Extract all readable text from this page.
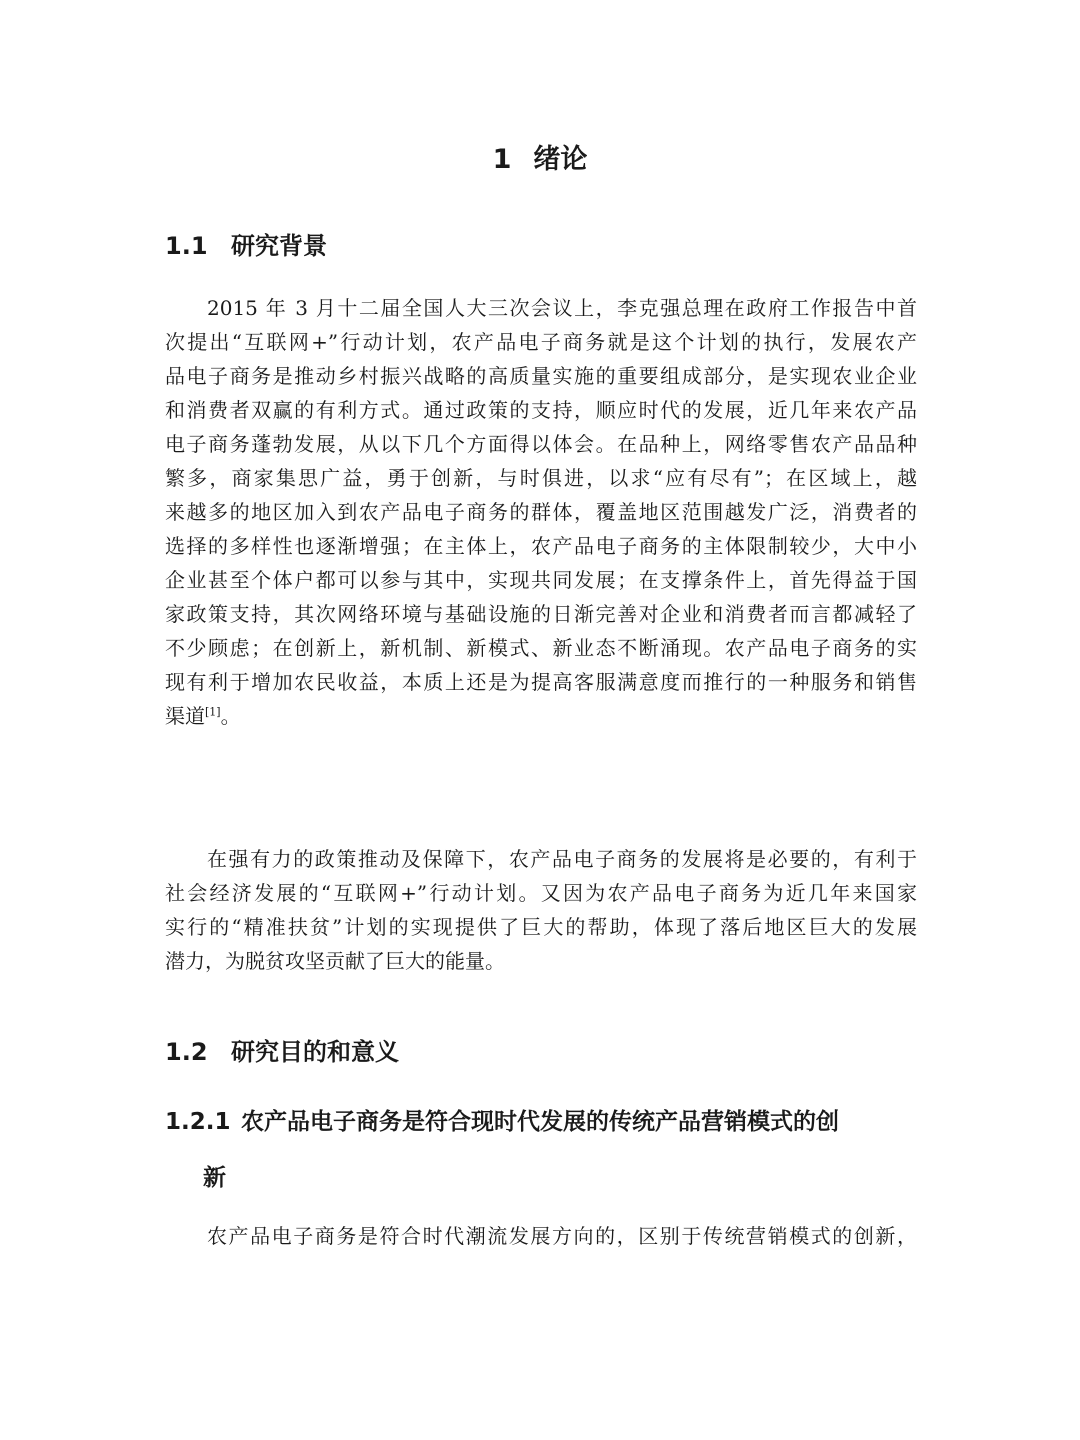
1 绪论
1.1 研究背景
2015 年 3 月十二届全国人大三次会议上，李克强总理在政府工作报告中首
次提出“互联网+”行动计划，农产品电子商务就是这个计划的执行，发展农产
品电子商务是推动乡村振兴战略的高质量实施的重要组成部分，是实现农业企业
和消费者双赢的有利方式。通过政策的支持，顺应时代的发展，近几年来农产品
电子商务蓬勃发展，从以下几个方面得以体会。在品种上，网络零售农产品品种
繁多，商家集思广益，勇于创新，与时俱进，以求“应有尽有”；在区域上，越
来越多的地区加入到农产品电子商务的群体，覆盖地区范围越发广泛，消费者的
选择的多样性也逐渐增强；在主体上，农产品电子商务的主体限制较少，大中小
企业甚至个体户都可以参与其中，实现共同发展；在支撑条件上，首先得益于国
家政策支持，其次网络环境与基础设施的日渐完善对企业和消费者而言都减轻了
不少顾虑；在创新上，新机制、新模式、新业态不断涌现。农产品电子商务的实
现有利于增加农民收益，本质上还是为提高客服满意度而推行的一种服务和销售
渠道[1]。
在强有力的政策推动及保障下，农产品电子商务的发展将是必要的，有利于
社会经济发展的“互联网+”行动计划。又因为农产品电子商务为近几年来国家
实行的“精准扶贫”计划的实现提供了巨大的帮助，体现了落后地区巨大的发展
潜力，为脱贫攻坚贡献了巨大的能量。
1.2 研究目的和意义
1.2.1 农产品电子商务是符合现时代发展的传统产品营销模式的创
新
农产品电子商务是符合时代潮流发展方向的，区别于传统营销模式的创新，
